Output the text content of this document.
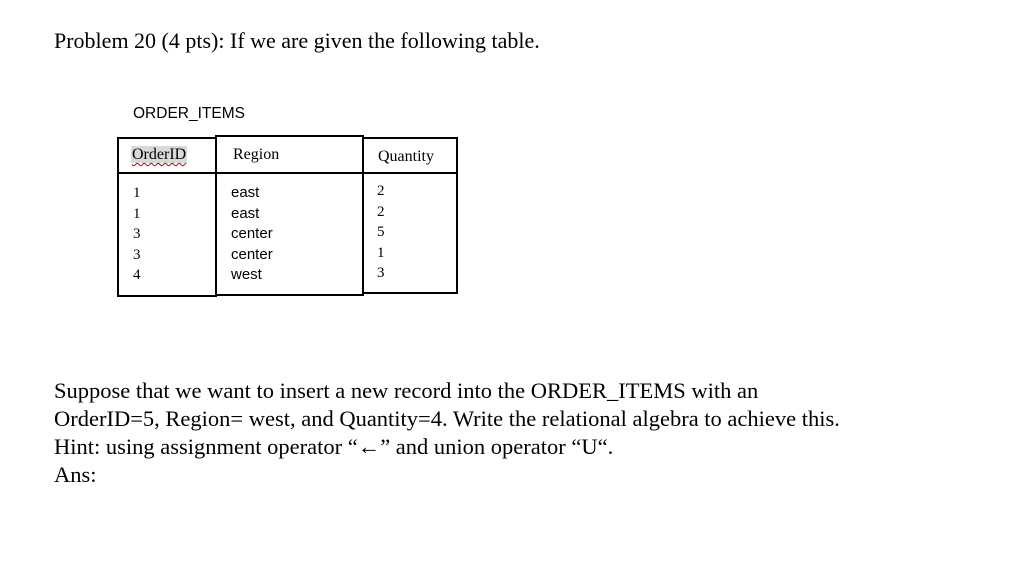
Problem 20 (4 pts): If we are given the following table.
ORDER_ITEMS
OrderID	Region	Quantity
1
1
3
3
4
east
east
center
center
west
2
2
5
1
3
Suppose that we want to insert a new record into the ORDER_ITEMS with an
OrderID=5, Region= west, and Quantity=4. Write the relational algebra to achieve this.
Hint: using assignment operator “←” and union operator “U“.
Ans:
